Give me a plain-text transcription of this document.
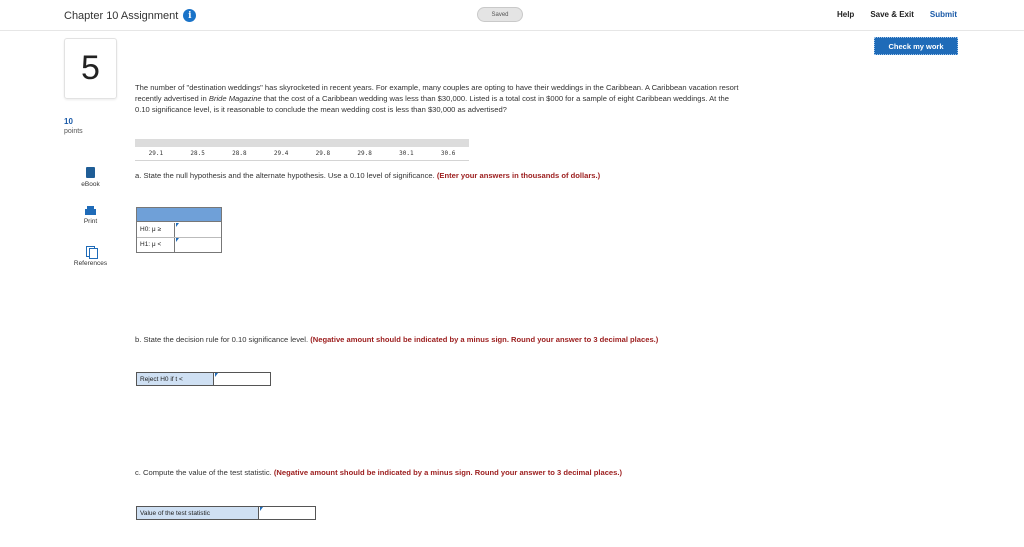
Chapter 10 Assignment	i	Saved	Help Save & Exit Submit
Check my work
5
10
points
eBook
Print
References
The number of "destination weddings" has skyrocketed in recent years. For example, many couples are opting to have their weddings in the Caribbean. A Caribbean vacation resort recently advertised in Bride Magazine that the cost of a Caribbean wedding was less than $30,000. Listed is a total cost in $000 for a sample of eight Caribbean weddings. At the 0.10 significance level, is it reasonable to conclude the mean wedding cost is less than $30,000 as advertised?
29.1	28.5	28.8	29.4	29.8	29.8	30.1	30.6
a. State the null hypothesis and the alternate hypothesis. Use a 0.10 level of significance. (Enter your answers in thousands of dollars.)
H0: μ ≥
H1: μ <
b. State the decision rule for 0.10 significance level. (Negative amount should be indicated by a minus sign. Round your answer to 3 decimal places.)
Reject H0 if t <
c. Compute the value of the test statistic. (Negative amount should be indicated by a minus sign. Round your answer to 3 decimal places.)
Value of the test statistic
